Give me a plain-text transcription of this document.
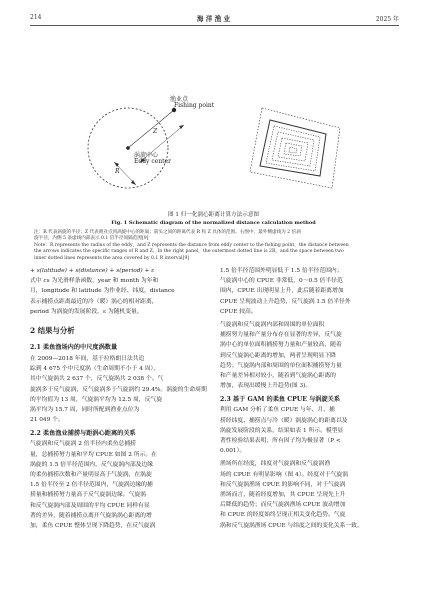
214	海 洋 渔 业	2025 年
渔业点
Fishing point
Z
R
涡旋中心
Eddy center
图 1 归一化涡心距离计算方法示意图
Fig. 1 Schematic diagram of the normalized distance calculation method
注：R 代表涡旋的半径；Z 代表渔业点到涡旋中心的距离；箭头之间的距离代表 R 和 Z 具体的范围。右图中，最外侧虚线为 2 倍涡
旋半径，内侧 5 条虚线内部表示 0.1 倍半径间隔范围[9]
Note：R represents the radius of the eddy，and Z represents the distance from eddy center to the fishing point，the distance between
the arrows indicates the specific ranges of R and Z。In the right panel，the outermost dotted line is 2R，and the space between two
inner dotted lines represents the area covered by 0.1 R interval[9]
+ s(latitude) + s(distance) + s(period) + ε
式中 cs 为光滑样条函数，year 和 month 为年和
月，longitude 和 latitude 为作业经、纬度，distance
表示捕捞点距离最近的冷（暖）涡心的相对距离，
period 为涡旋的发展阶段，ε 为随机变量。
2 结果与分析
2.1 柔鱼渔场内的中尺度涡数量
在 2009—2018 年间，基于拉格朗日法共追
踪到 4 675 个中尺度涡（生命周期不小于 4 周），
其中气旋涡共 2 637 个，反气旋涡共 2 038 个。气
旋涡多于反气旋涡，反气旋涡多于气旋涡约 29.4%。涡旋的生命周期
的平均值为 13 周，气旋涡平均为 12.5 周，反气旋
涡平均为 15.7 周，同时所配到渔业点位为
21 049 个。
2.2 柔鱼渔业捕捞与距涡心距离的关系
气旋涡和反气旋涡 2 倍半径内柔鱼总捕捞
量，总捕捞努力量和平均 CPUE 如图 2 所示。在
涡旋的 1.5 倍半径范围内，反气旋涡内部及边缘
的柔鱼捕捞次数和产量明显高于气旋涡，在涡旋
1.5 倍半径至 2 倍半径范围内，气旋涡边缘的捕
捞量和捕捞努力量高于反气旋涡边缘。气旋涡
和反气旋涡内部及周围的平均 CPUE 同样有显
著的差异，随着捕捞点离开气旋涡涡心距离的增
加，柔鱼 CPUE 整体呈现下降趋势，在反气旋涡
1.5 倍半径范围外明显低于 1.5 倍半径范围内；
气旋涡中心的 CPUE 非常低，0～0.5 倍半径范
围内，CPUE 出现明显上升，此后随着距离增加
CPUE 呈现波动上升趋势，反气旋涡 1.5 倍半径外
CPUE 较高。
气旋涡和反气旋涡内部和周围的单位面积
捕捞努力量和产量分布存在显著的差异，反气旋
涡中心的单位面积捕捞努力量和产量较高，随着
到反气旋涡心距离的增加，两者呈现明显下降
趋势；气旋涡内部和周围的单位面积捕捞努力量
和产量差异相对较小，随着到气旋涡心距离的
增加，表现出缓慢上升趋势(图 3)。
2.3 基于 GAM 的柔鱼 CPUE 与涡旋关系
利用 GAM 分析了柔鱼 CPUE 与年、月、捕
捞经纬度、捕捞点与冷（暖）涡旋涡心的距离以及
涡旋发展阶段的关系，结果如表 1 所示。模型显
著性检验结果表明，所有因子均为极显著（P <
0.001）。
渔场所在经度，纬度对气旋涡和反气旋涡渔
场的 CPUE 有明显影响（图 4）。经度对于气旋涡
和反气旋涡渔场 CPUE 的影响不同，对于气旋涡
渔场而言，随着经度增加，其 CPUE 呈现先上升
后降低的趋势；而反气旋涡渔场 CPUE 波动增加
和 CPUE 的经度始终呈现正相关变化趋势。气旋
涡和反气旋涡渔场 CPUE 与纬度之间的变化关系一致，
